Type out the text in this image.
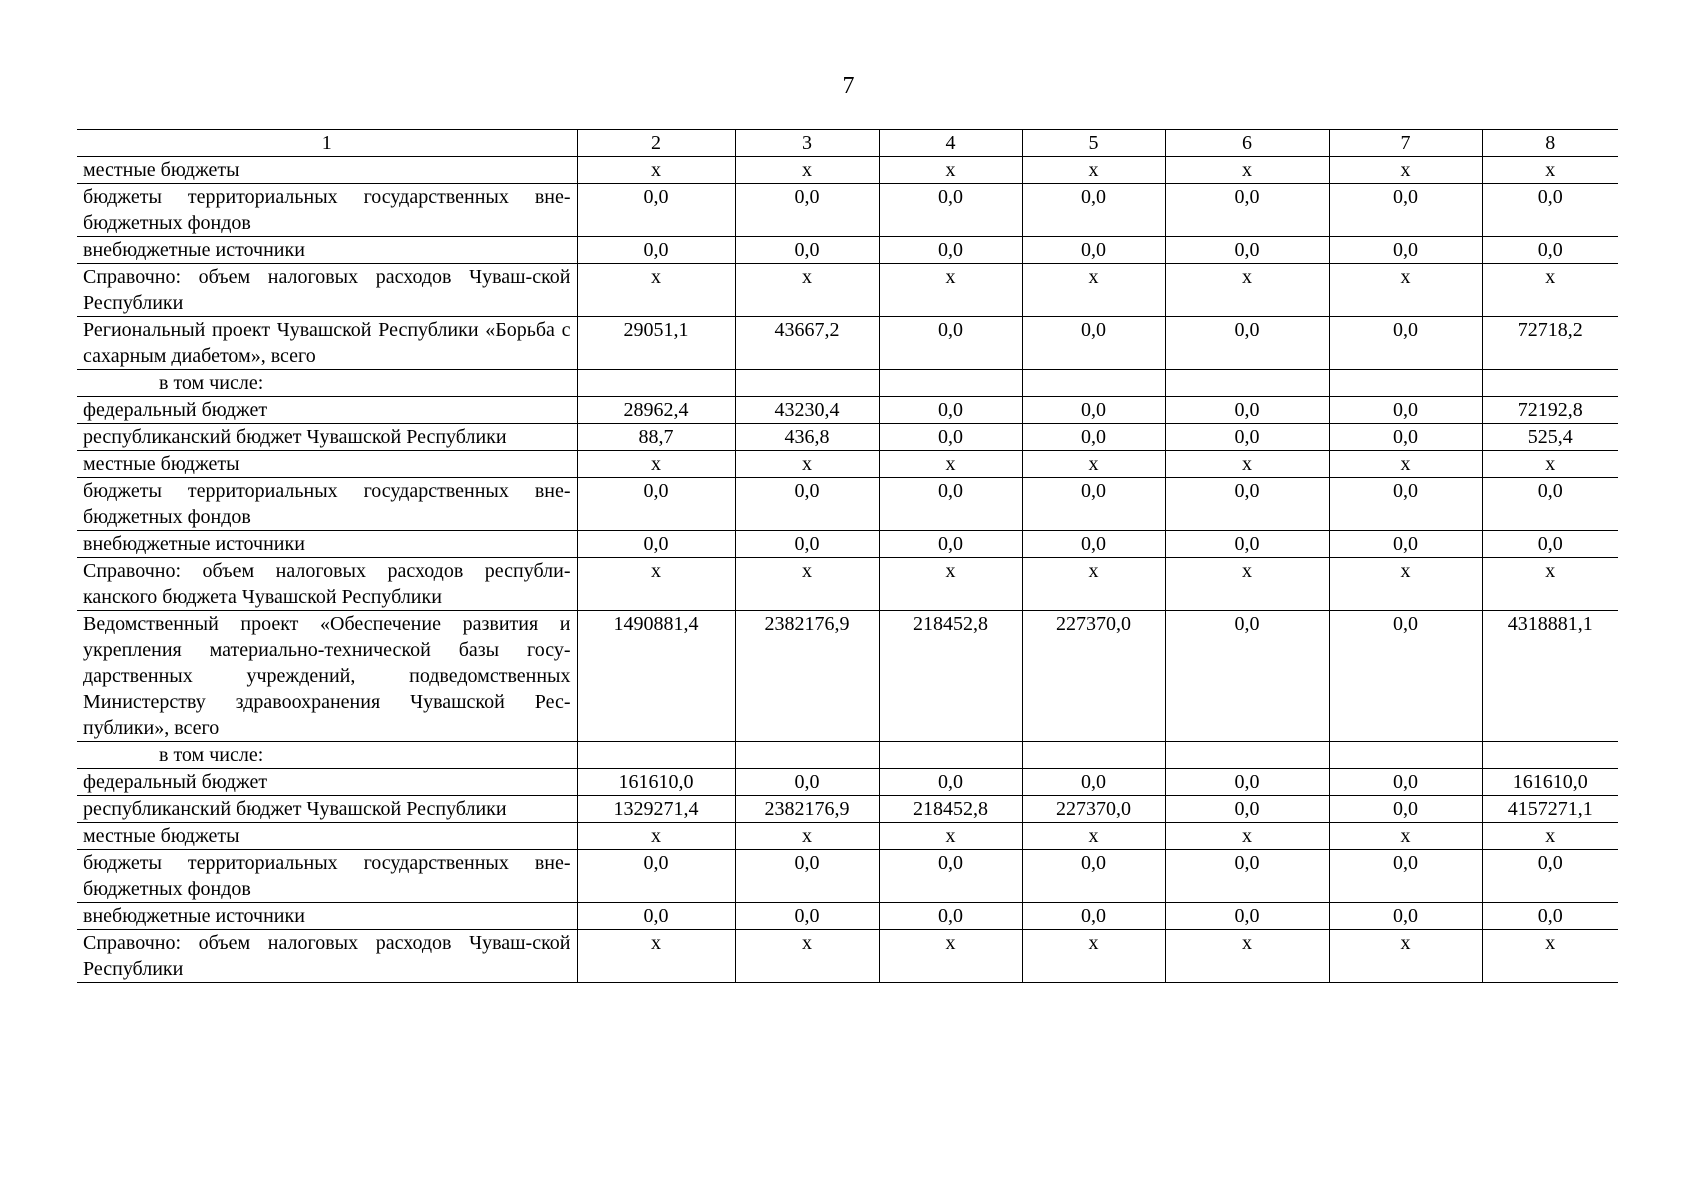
7
1	2	3	4	5	6	7	8
местные бюджеты	x	x	x	x	x	x	x
бюджеты территориальных государственных вне-бюджетных фондов	0,0	0,0	0,0	0,0	0,0	0,0	0,0
внебюджетные источники	0,0	0,0	0,0	0,0	0,0	0,0	0,0
Справочно: объем налоговых расходов Чуваш-ской Республики	x	x	x	x	x	x	x
Региональный проект Чувашской Республики «Борьба с сахарным диабетом», всего	29051,1	43667,2	0,0	0,0	0,0	0,0	72718,2
в том числе:							
федеральный бюджет	28962,4	43230,4	0,0	0,0	0,0	0,0	72192,8
республиканский бюджет Чувашской Республики	88,7	436,8	0,0	0,0	0,0	0,0	525,4
местные бюджеты	x	x	x	x	x	x	x
бюджеты территориальных государственных вне-бюджетных фондов	0,0	0,0	0,0	0,0	0,0	0,0	0,0
внебюджетные источники	0,0	0,0	0,0	0,0	0,0	0,0	0,0
Справочно: объем налоговых расходов республи-канского бюджета Чувашской Республики	x	x	x	x	x	x	x
Ведомственный проект «Обеспечение развития и укрепления материально-технической базы госу-дарственных учреждений, подведомственных Министерству здравоохранения Чувашской Рес-публики», всего	1490881,4	2382176,9	218452,8	227370,0	0,0	0,0	4318881,1
в том числе:							
федеральный бюджет	161610,0	0,0	0,0	0,0	0,0	0,0	161610,0
республиканский бюджет Чувашской Республики	1329271,4	2382176,9	218452,8	227370,0	0,0	0,0	4157271,1
местные бюджеты	x	x	x	x	x	x	x
бюджеты территориальных государственных вне-бюджетных фондов	0,0	0,0	0,0	0,0	0,0	0,0	0,0
внебюджетные источники	0,0	0,0	0,0	0,0	0,0	0,0	0,0
Справочно: объем налоговых расходов Чуваш-ской Республики	x	x	x	x	x	x	x
